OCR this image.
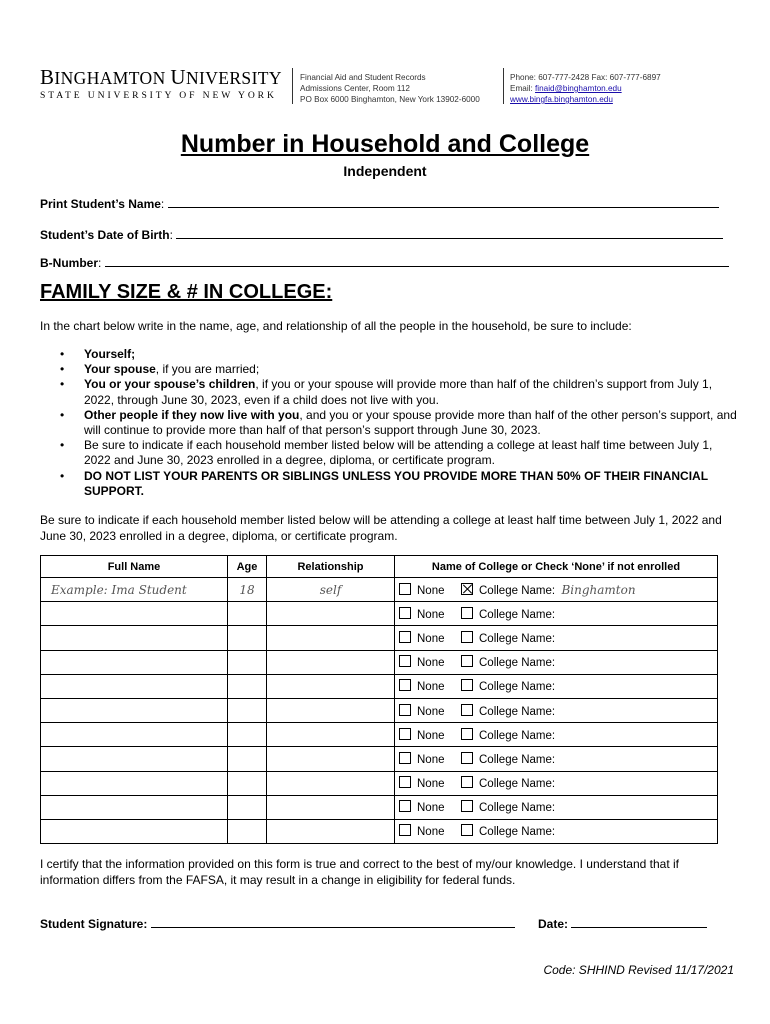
BINGHAMTON UNIVERSITY
STATE UNIVERSITY OF NEW YORK
Financial Aid and Student Records
Admissions Center, Room 112
PO Box 6000 Binghamton, New York 13902-6000
Phone: 607-777-2428 Fax: 607-777-6897
Email: finaid@binghamton.edu
www.bingfa.binghamton.edu
Number in Household and College
Independent
Print Student’s Name:
Student’s Date of Birth:
B-Number:
FAMILY SIZE & # IN COLLEGE:
In the chart below write in the name, age, and relationship of all the people in the household, be sure to include:
• Yourself;
• Your spouse, if you are married;
• You or your spouse’s children, if you or your spouse will provide more than half of the children’s support from July 1, 2022, through June 30, 2023, even if a child does not live with you.
• Other people if they now live with you, and you or your spouse provide more than half of the other person’s support, and will continue to provide more than half of that person’s support through June 30, 2023.
• Be sure to indicate if each household member listed below will be attending a college at least half time between July 1, 2022 and June 30, 2023 enrolled in a degree, diploma, or certificate program.
• DO NOT LIST YOUR PARENTS OR SIBLINGS UNLESS YOU PROVIDE MORE THAN 50% OF THEIR FINANCIAL SUPPORT.
Be sure to indicate if each household member listed below will be attending a college at least half time between July 1, 2022 and June 30, 2023 enrolled in a degree, diploma, or certificate program.
Full Name	Age	Relationship	Name of College or Check ‘None’ if not enrolled
Example: Ima Student	18	self	None College Name: Binghamton
			None College Name:
			None College Name:
			None College Name:
			None College Name:
			None College Name:
			None College Name:
			None College Name:
			None College Name:
			None College Name:
			None College Name:
I certify that the information provided on this form is true and correct to the best of my/our knowledge. I understand that if information differs from the FAFSA, it may result in a change in eligibility for federal funds.
Student Signature:	Date:
Code: SHHIND Revised 11/17/2021
